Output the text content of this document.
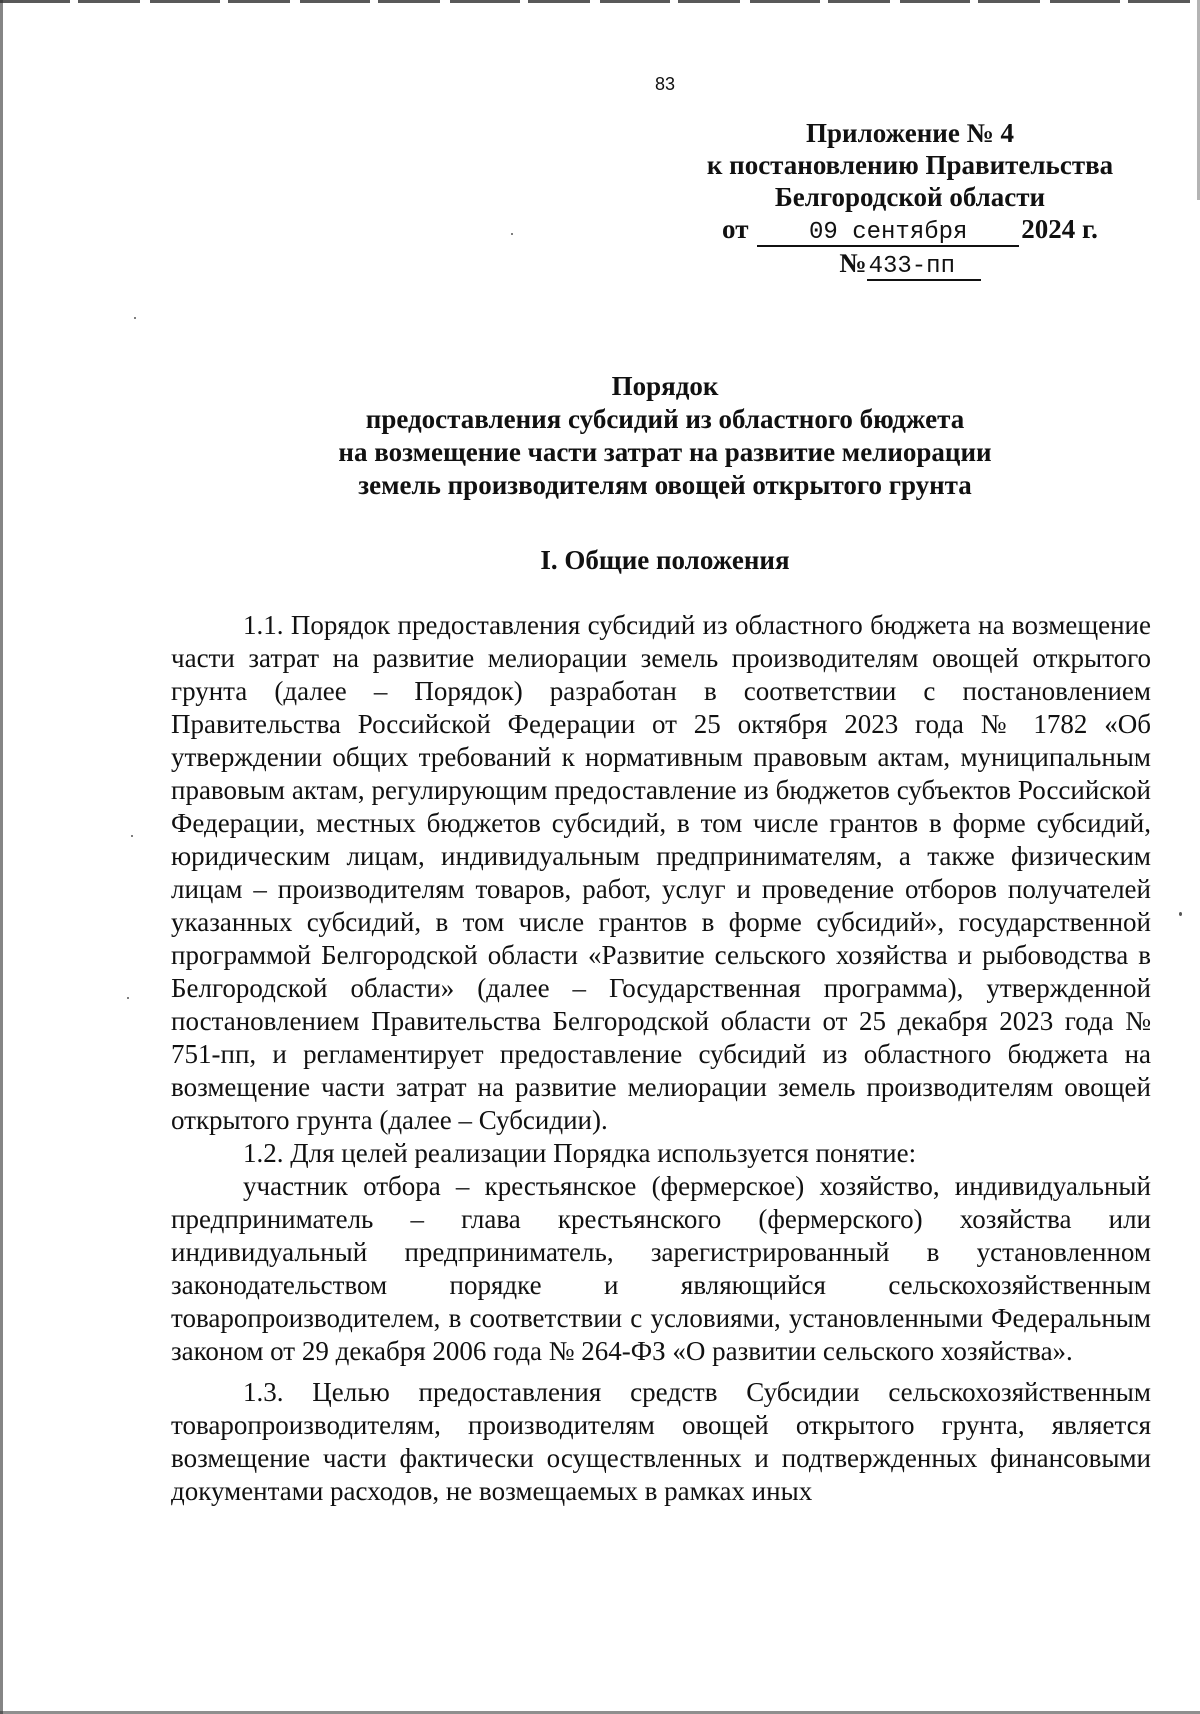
83
Приложение № 4
к постановлению Правительства
Белгородской области
от	09 сентября 2024 г.
№433-пп
Порядок
предоставления субсидий из областного бюджета
на возмещение части затрат на развитие мелиорации
земель производителям овощей открытого грунта
I. Общие положения

1.1. Порядок предоставления субсидий из областного бюджета на возмещение части затрат на развитие мелиорации земель производителям овощей открытого грунта (далее – Порядок) разработан в соответствии с постановлением Правительства Российской Федерации от 25 октября 2023 года № 1782 «Об утверждении общих требований к нормативным правовым актам, муниципальным правовым актам, регулирующим предоставление из бюджетов субъектов Российской Федерации, местных бюджетов субсидий, в том числе грантов в форме субсидий, юридическим лицам, индивидуальным предпринимателям, а также физическим лицам – производителям товаров, работ, услуг и проведение отборов получателей указанных субсидий, в том числе грантов в форме субсидий», государственной программой Белгородской области «Развитие сельского хозяйства и рыбоводства в Белгородской области» (далее – Государственная программа), утвержденной постановлением Правительства Белгородской области от 25 декабря 2023 года № 751-пп, и регламентирует предоставление субсидий из областного бюджета на возмещение части затрат на развитие мелиорации земель производителям овощей открытого грунта (далее – Субсидии).

1.2. Для целей реализации Порядка используется понятие:

участник отбора – крестьянское (фермерское) хозяйство, индивидуальный предприниматель – глава крестьянского (фермерского) хозяйства или индивидуальный предприниматель, зарегистрированный в установленном законодательством порядке и являющийся сельскохозяйственным товаропроизводителем, в соответствии с условиями, установленными Федеральным законом от 29 декабря 2006 года № 264-ФЗ «О развитии сельского хозяйства».

1.3. Целью предоставления средств Субсидии сельскохозяйственным товаропроизводителям, производителям овощей открытого грунта, является возмещение части фактически осуществленных и подтвержденных финансовыми документами расходов, не возмещаемых в рамках иных
